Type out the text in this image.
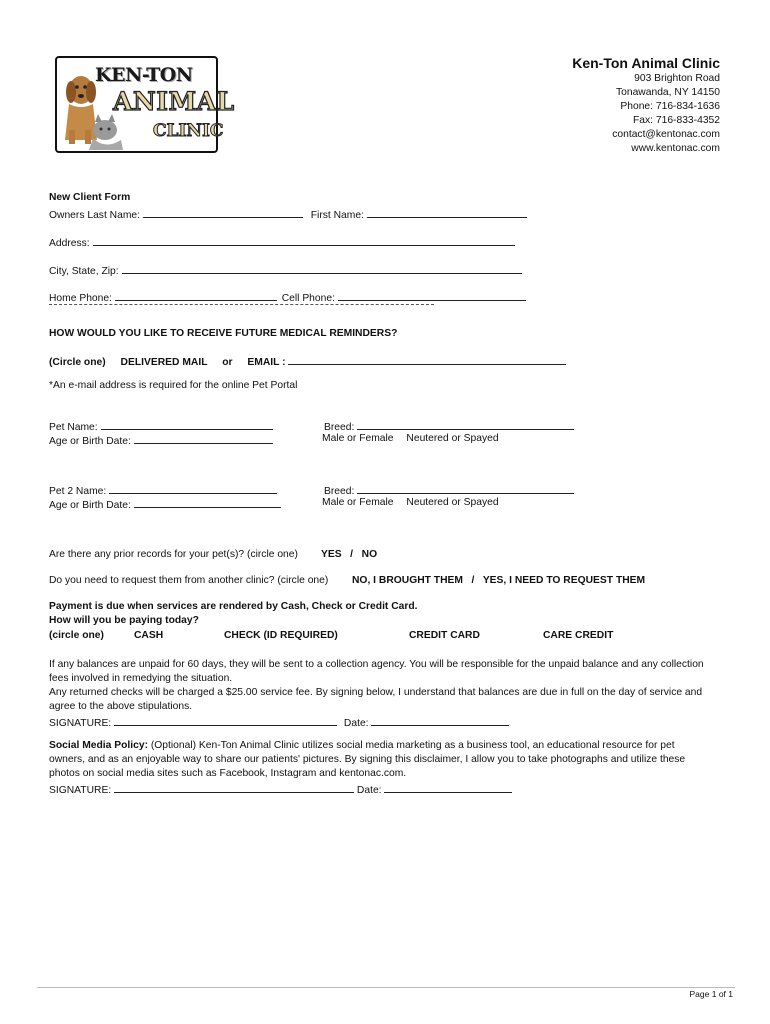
KEN-TON
ANIMAL
CLINIC
Ken-Ton Animal Clinic
903 Brighton Road
Tonawanda, NY 14150
Phone: 716-834-1636
Fax: 716-833-4352
contact@kentonac.com
www.kentonac.com
New Client Form
Owners Last Name:	First Name:
Address:
City, State, Zip:
Home Phone:	Cell Phone:
HOW WOULD YOU LIKE TO RECEIVE FUTURE MEDICAL REMINDERS?
(Circle one) DELIVERED MAIL or EMAIL :
*An e-mail address is required for the online Pet Portal
Pet Name:
Age or Birth Date:
Breed:
Male or Female Neutered or Spayed
Pet 2 Name:
Age or Birth Date:
Breed:
Male or Female Neutered or Spayed
Are there any prior records for your pet(s)? (circle one) YES   /   NO
Do you need to request them from another clinic? (circle one) NO, I BROUGHT THEM   /   YES, I NEED TO REQUEST THEM
Payment is due when services are rendered by Cash, Check or Credit Card.
How will you be paying today?
(circle one)	CASH	CHECK (ID REQUIRED)	CREDIT CARD	CARE CREDIT
If any balances are unpaid for 60 days, they will be sent to a collection agency. You will be responsible for the unpaid balance and any collection
fees involved in remedying the situation.
Any returned checks will be charged a $25.00 service fee. By signing below, I understand that balances are due in full on the day of service and
agree to the above stipulations.
SIGNATURE:	Date:
Social Media Policy: (Optional) Ken-Ton Animal Clinic utilizes social media marketing as a business tool, an educational resource for pet
owners, and as an enjoyable way to share our patients' pictures. By signing this disclaimer, I allow you to take photographs and utilize these
photos on social media sites such as Facebook, Instagram and kentonac.com.
SIGNATURE:	Date:
Page 1 of 1
